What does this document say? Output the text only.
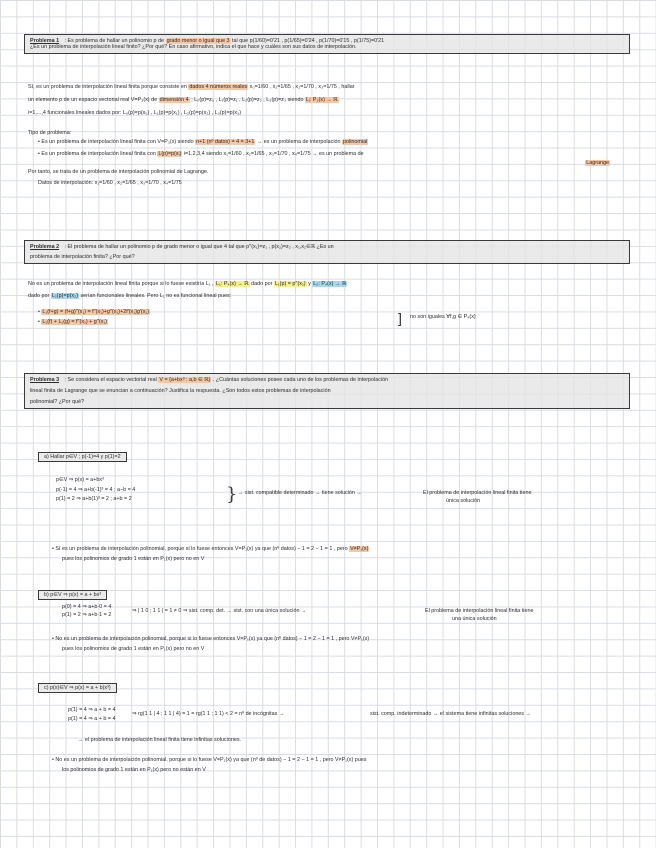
Problema 1 : Es problema de hallar un polinomio p de grado menor o igual que 3 tal que p(1/60)=0'21 , p(1/65)=0'24 , p(1/70)=0'15 , p(1/75)=0'21
¿Es un problema de interpolación lineal finito? ¿Por qué? En caso afirmativo, indica el que hace y cuáles son sus datos de interpolación.
Sí, es un problema de interpolación lineal finita porque consiste en dados 4 números reales x₀=1/60 , x₁=1/65 , x₂=1/70 , x₃=1/75 , hallar
un elemento p de un espacio vectorial real V=P₃(x) de dimensión 4 ; L₀(p)=z₀ , L₁(p)=z₁ , L₂(p)=z₂ , L₃(p)=z₃ siendo Lᵢ: P₃(x) → ℝ
i=1,...,4 funcionales lineales dados por: L₀(p)=p(x₀) , L₁(p)=p(x₁) , L₂(p)=p(x₂) , L₃(p)=p(x₃)
Tipo de problema:
• Es un problema de interpolación lineal finita con V=P₃(x) siendo n+1 (nº datos) = 4 = 3+1 → es un problema de interpolación polinomial
• Es un problema de interpolación lineal finita con L(p)=p(xᵢ) i=1,2,3,4 siendo x₁=1/60 , x₂=1/65 , x₃=1/70 , x₄=1/75 → es un problema de
Lagrange
Por tanto, se trata de un problema de interpolación polinomial de Lagrange.
Datos de interpolación: x₁=1/60 , x₂=1/65 , x₃=1/70 , x₄=1/75
Problema 2 : El problema de hallar un polinomio p de grado menor o igual que 4 tal que p''(x₁)=z₁ , p(x₂)=z₂ , x₁,x₂∈ℝ ¿Es un
problema de interpolación finita? ¿Por qué?
No es un problema de interpolación lineal finita porque si lo fuese existiría L₁ , L₁: P₄(x) → ℝ dado por L₁(p) = p''(x₁) y L₂: P₄(x) → ℝ
dado por L₂(p)=p(x₂) serían funcionales lineales. Pero L₁ no es funcional lineal pues:
• L₁(f+g) = (f+g)''(x₁) = f''(x₁)+g''(x₁)+2f'(x₁)g'(x₁)
• L₁(f) + L₁(g) = f''(x₁) + g''(x₁)	] no son iguales ∀f,g ∈ P₄(x)
Problema 3 : Se considera el espacio vectorial real V = {a+bx³ : a,b ∈ ℝ} . ¿Cuántas soluciones posee cada uno de los problemas de interpolación
lineal finita de Lagrange que se enuncian a continuación? Justifica la respuesta. ¿Son todos estos problemas de interpolación
polinomial? ¿Por qué?
a) Hallar p∈V ; p(-1)=4 y p(1)=2
p∈V ⇒ p(x) = a+bx³
p(-1) = 4 ⇒ a+b(-1)³ = 4 ; a−b = 4
p(1) = 2 ⇒ a+b(1)³ = 2 ; a+b = 2	} → sist. compatible determinado → tiene solución →	El problema de interpolación lineal finita tiene
única solución
• Sí es un problema de interpolación polinomial, porque si lo fuese entonces V=P₁(x) ya que (nº datos) − 1 = 2 − 1 = 1 , pero V≠P₁(x)
pues los polinomios de grado 1 están en P₁(x) pero no en V
b) p∈V ⇒ p(x) = a + bx³
p(0) = 4 ⇒ a+b·0 = 4
p(1) = 2 ⇒ a+b·1 = 2
⇒ | 1 0 ; 1 1 | = 1 ≠ 0 ⇒ sist. comp. det. → sist. con una única solución →	El problema de interpolación lineal finita tiene
una única solución
• No es un problema de interpolación polinomial, porque si lo fuese entonces V=P₁(x) ya que (nº datos) − 1 = 2 − 1 = 1 , pero V≠P₁(x)
pues los polinomios de grado 1 están en P₁(x) pero no en V
c) p(x)∈V ⇒ p(x) = a + b(x³)
p(1) = 4 ⇒ a + b = 4
p(1) = 4 ⇒ a + b = 4
⇒ rg(1 1 | 4 ; 1 1 | 4) = 1 = rg(1 1 ; 1 1) < 2 = nº de incógnitas →	sist. comp. indeterminado → el sistema tiene infinitas soluciones →
→ el problema de interpolación lineal finita tiene infinitas soluciones.
• No es un problema de interpolación polinomial, porque si lo fuese V=P₁(x) ya que (nº de datos) − 1 = 2 − 1 = 1 , pero V≠P₁(x) pues
los polinomios de grado 1 están en P₁(x) pero no están en V
